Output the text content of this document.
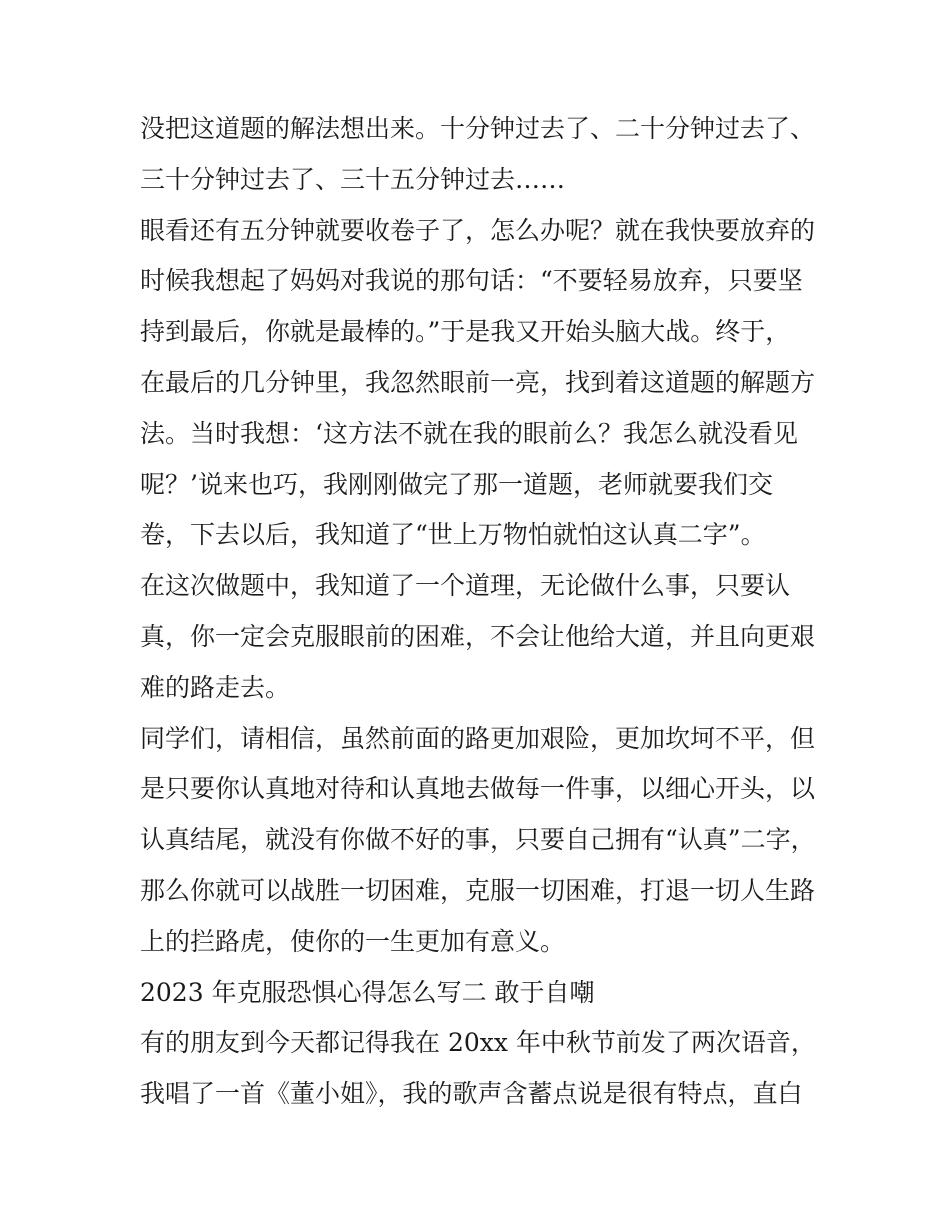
没把这道题的解法想出来。十分钟过去了、二十分钟过去了、
三十分钟过去了、三十五分钟过去……
眼看还有五分钟就要收卷子了，怎么办呢？就在我快要放弃的
时候我想起了妈妈对我说的那句话：“不要轻易放弃，只要坚
持到最后，你就是最棒的。”于是我又开始头脑大战。终于，
在最后的几分钟里，我忽然眼前一亮，找到着这道题的解题方
法。当时我想：‘这方法不就在我的眼前么？我怎么就没看见
呢？’说来也巧，我刚刚做完了那一道题，老师就要我们交
卷，下去以后，我知道了“世上万物怕就怕这认真二字”。
在这次做题中，我知道了一个道理，无论做什么事，只要认
真，你一定会克服眼前的困难，不会让他给大道，并且向更艰
难的路走去。
同学们，请相信，虽然前面的路更加艰险，更加坎坷不平，但
是只要你认真地对待和认真地去做每一件事，以细心开头，以
认真结尾，就没有你做不好的事，只要自己拥有“认真”二字，
那么你就可以战胜一切困难，克服一切困难，打退一切人生路
上的拦路虎，使你的一生更加有意义。
2023 年克服恐惧心得怎么写二 敢于自嘲
有的朋友到今天都记得我在 20xx 年中秋节前发了两次语音，
我唱了一首《董小姐》，我的歌声含蓄点说是很有特点，直白
